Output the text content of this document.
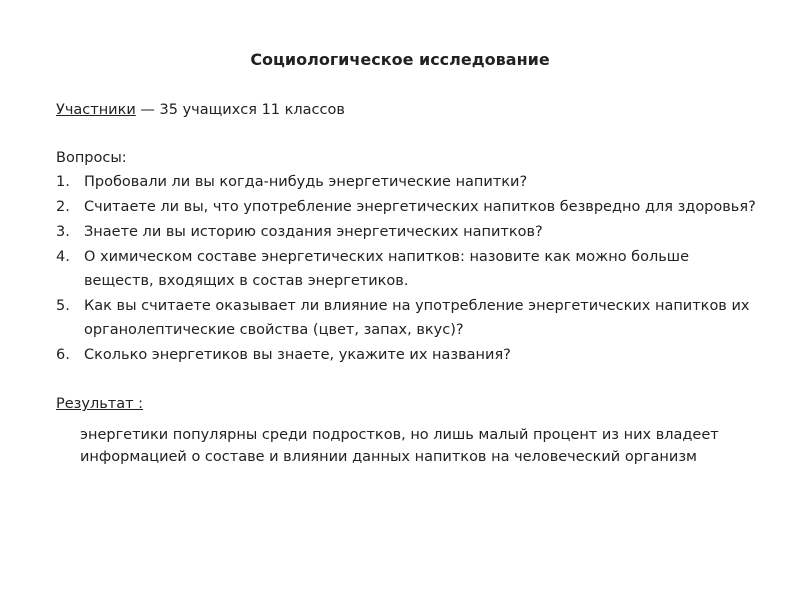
Социологическое исследование

Участники — 35 учащихся 11 классов

Вопросы:

1. Пробовали ли вы когда-нибудь энергетические напитки?
2. Считаете ли вы, что употребление энергетических напитков безвредно для здоровья?
3. Знаете ли вы историю создания энергетических напитков?
4. О химическом составе энергетических напитков: назовите как можно больше веществ, входящих в состав энергетиков.
5. Как вы считаете оказывает ли влияние на употребление энергетических напитков их органолептические свойства (цвет, запах, вкус)?
6. Сколько энергетиков вы знаете, укажите их названия?

Результат :

энергетики популярны среди подростков, но лишь малый процент из них владеет информацией о составе и влиянии данных напитков на человеческий организм
